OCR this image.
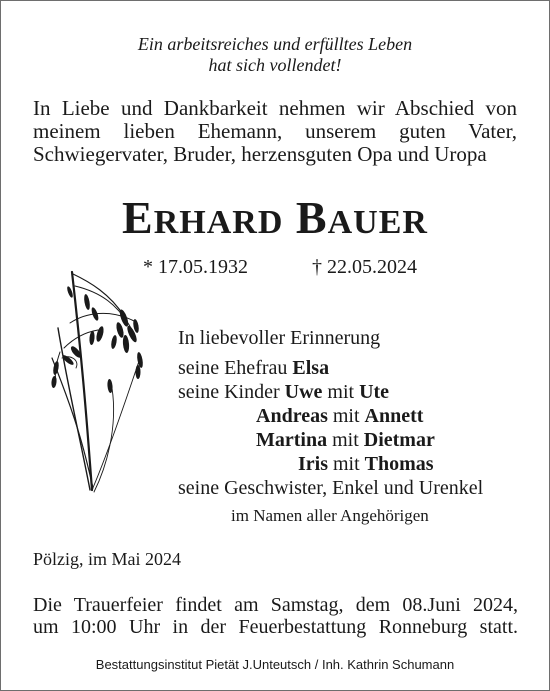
Ein arbeitsreiches und erfülltes Leben
hat sich vollendet!
In Liebe und Dankbarkeit nehmen wir Abschied von
meinem lieben Ehemann, unserem guten Vater,
Schwiegervater, Bruder, herzensguten Opa und Uropa
ERHARD BAUER
* 17.05.1932	† 22.05.2024
In liebevoller Erinnerung
seine Ehefrau Elsa
seine Kinder Uwe mit Ute
Andreas mit Annett
Martina mit Dietmar
Iris mit Thomas
seine Geschwister, Enkel und Urenkel
im Namen aller Angehörigen
Pölzig, im Mai 2024
Die Trauerfeier findet am Samstag, dem 08.Juni 2024,
um 10:00 Uhr in der Feuerbestattung Ronneburg statt.
Bestattungsinstitut Pietät J.Unteutsch / Inh. Kathrin Schumann
